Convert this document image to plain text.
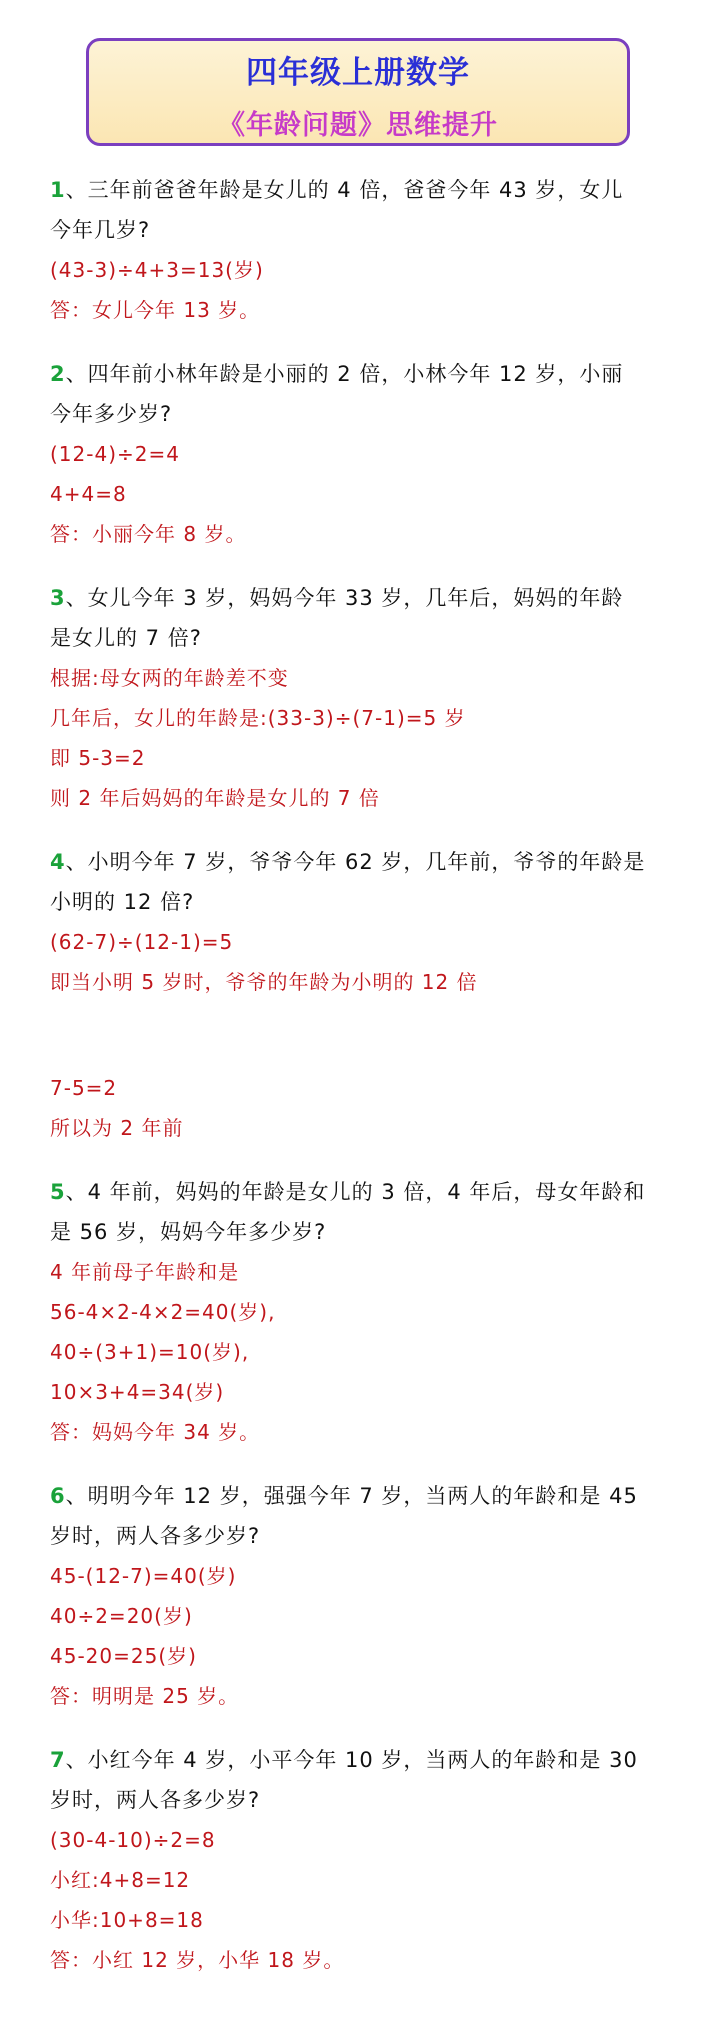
四年级上册数学
《年龄问题》思维提升
1、三年前爸爸年龄是女儿的 4 倍，爸爸今年 43 岁，女儿
今年几岁?
(43-3)÷4+3=13(岁)
答：女儿今年 13 岁。
2、四年前小林年龄是小丽的 2 倍，小林今年 12 岁，小丽
今年多少岁?
(12-4)÷2=4
4+4=8
答：小丽今年 8 岁。
3、女儿今年 3 岁，妈妈今年 33 岁，几年后，妈妈的年龄
是女儿的 7 倍?
根据:母女两的年龄差不变
几年后，女儿的年龄是:(33-3)÷(7-1)=5 岁
即 5-3=2
则 2 年后妈妈的年龄是女儿的 7 倍
4、小明今年 7 岁，爷爷今年 62 岁，几年前，爷爷的年龄是
小明的 12 倍?
(62-7)÷(12-1)=5
即当小明 5 岁时，爷爷的年龄为小明的 12 倍
7-5=2
所以为 2 年前
5、4 年前，妈妈的年龄是女儿的 3 倍，4 年后，母女年龄和
是 56 岁，妈妈今年多少岁?
4 年前母子年龄和是
56-4×2-4×2=40(岁),
40÷(3+1)=10(岁),
10×3+4=34(岁)
答：妈妈今年 34 岁。
6、明明今年 12 岁，强强今年 7 岁，当两人的年龄和是 45
岁时，两人各多少岁?
45-(12-7)=40(岁)
40÷2=20(岁)
45-20=25(岁)
答：明明是 25 岁。
7、小红今年 4 岁，小平今年 10 岁，当两人的年龄和是 30
岁时，两人各多少岁?
(30-4-10)÷2=8
小红:4+8=12
小华:10+8=18
答：小红 12 岁，小华 18 岁。
